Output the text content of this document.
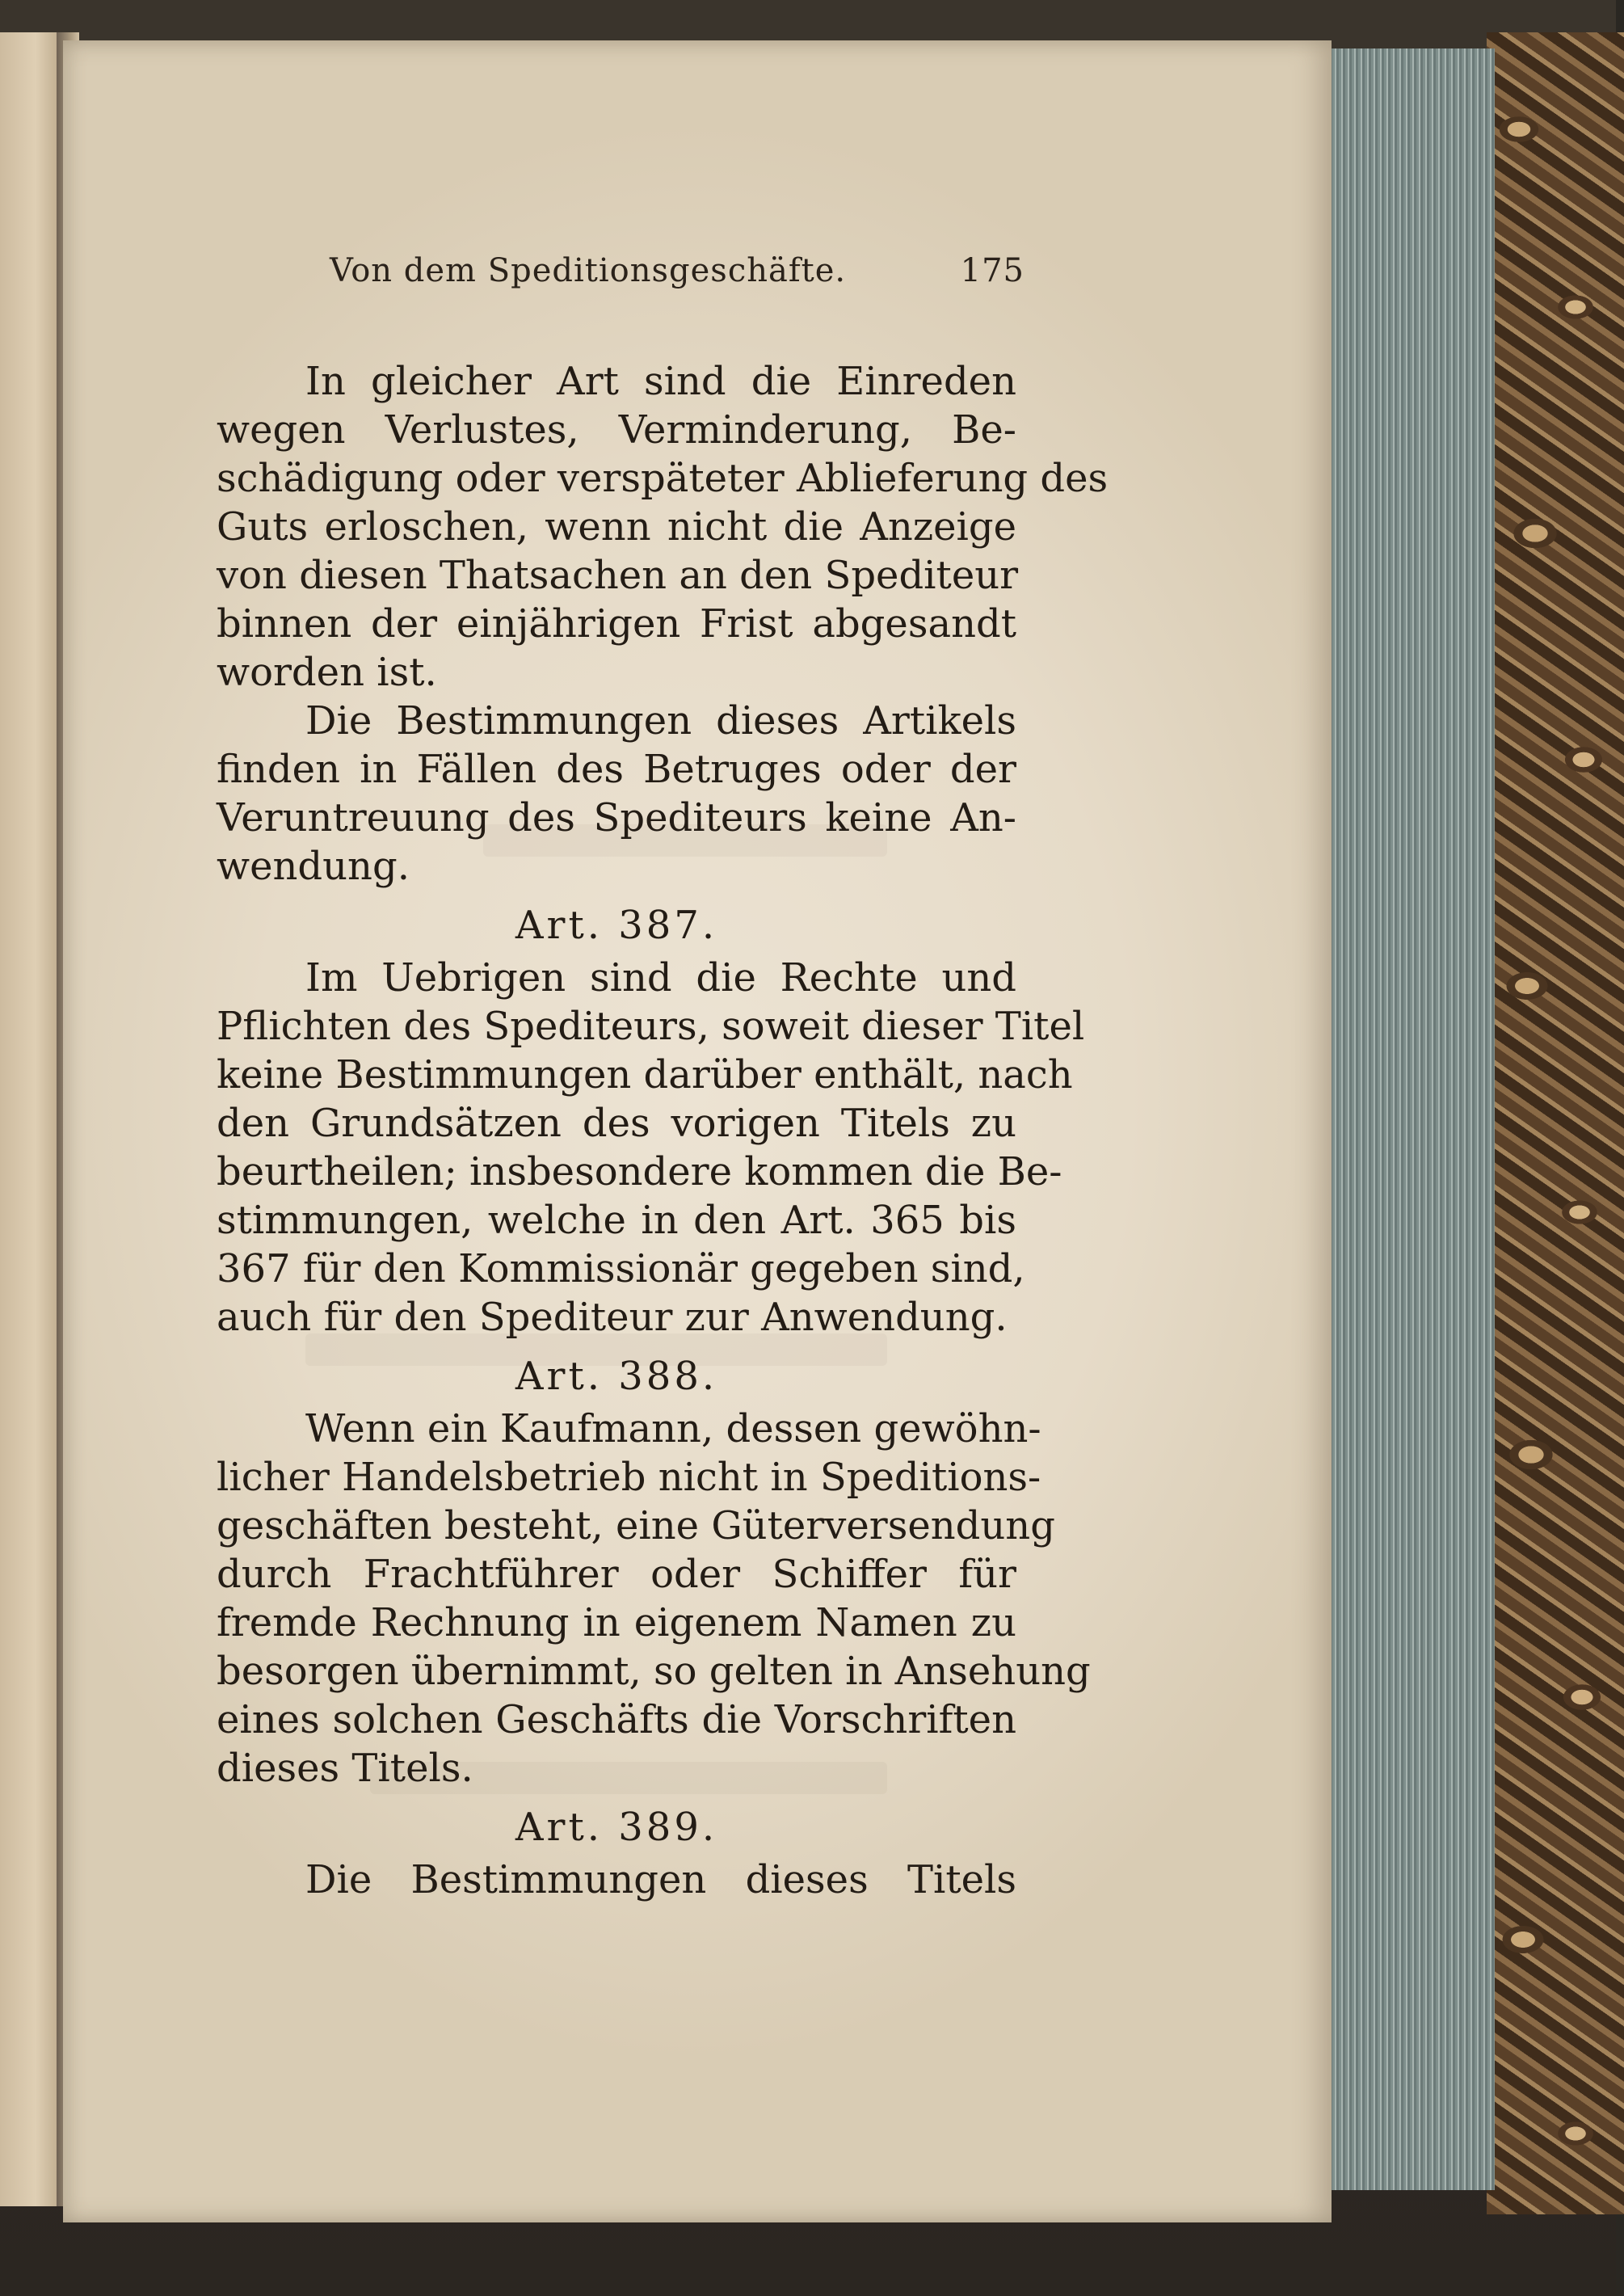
Von dem Speditionsgeschäfte.	175
In gleicher Art sind die Einreden
wegen Verlustes, Verminderung, Be-
schädigung oder verspäteter Ablieferung des
Guts erloschen, wenn nicht die Anzeige
von diesen Thatsachen an den Spediteur
binnen der einjährigen Frist abgesandt
worden ist.
Die Bestimmungen dieses Artikels
finden in Fällen des Betruges oder der
Veruntreuung des Spediteurs keine An-
wendung.
Art. 387.
Im Uebrigen sind die Rechte und
Pflichten des Spediteurs, soweit dieser Titel
keine Bestimmungen darüber enthält, nach
den Grundsätzen des vorigen Titels zu
beurtheilen; insbesondere kommen die Be-
stimmungen, welche in den Art. 365 bis
367 für den Kommissionär gegeben sind,
auch für den Spediteur zur Anwendung.
Art. 388.
Wenn ein Kaufmann, dessen gewöhn-
licher Handelsbetrieb nicht in Speditions-
geschäften besteht, eine Güterversendung
durch Frachtführer oder Schiffer für
fremde Rechnung in eigenem Namen zu
besorgen übernimmt, so gelten in Ansehung
eines solchen Geschäfts die Vorschriften
dieses Titels.
Art. 389.
Die Bestimmungen dieses Titels
